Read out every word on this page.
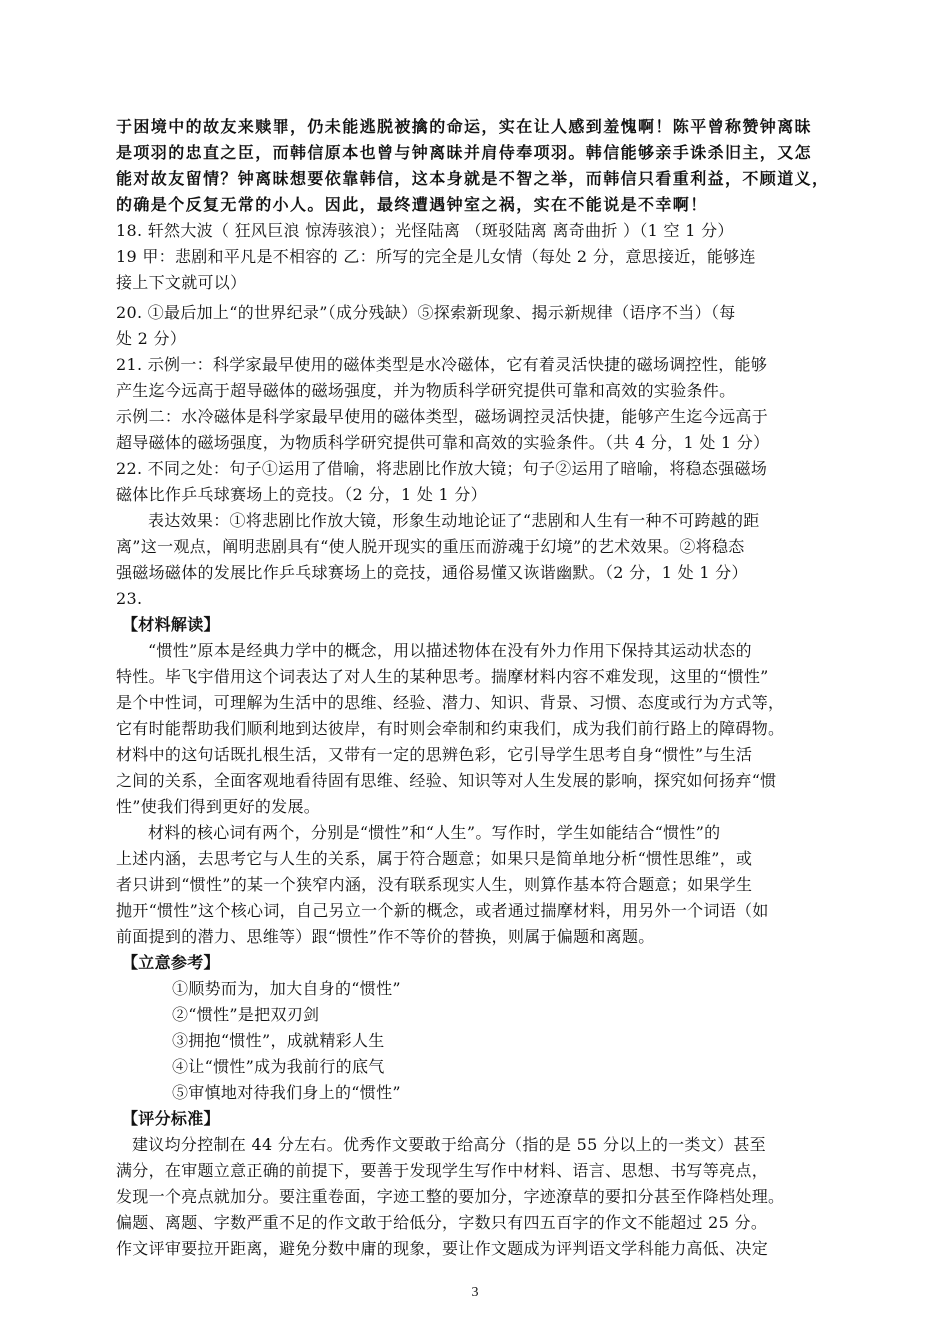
于困境中的故友来赎罪，仍未能逃脱被擒的命运，实在让人感到羞愧啊！陈平曾称赞钟离昧
是项羽的忠直之臣，而韩信原本也曾与钟离昧并肩侍奉项羽。韩信能够亲手诛杀旧主，又怎
能对故友留情？钟离昧想要依靠韩信，这本身就是不智之举，而韩信只看重利益，不顾道义，
的确是个反复无常的小人。因此，最终遭遇钟室之祸，实在不能说是不幸啊！
18. 轩然大波（ 狂风巨浪 惊涛骇浪）；光怪陆离 （斑驳陆离 离奇曲折 ）（1 空 1 分）
19 甲：悲剧和平凡是不相容的 乙：所写的完全是儿女情（每处 2 分，意思接近，能够连
接上下文就可以）
20. ①最后加上“的世界纪录”（成分残缺）⑤探索新现象、揭示新规律（语序不当）（每
处 2 分）
21. 示例一：科学家最早使用的磁体类型是水冷磁体，它有着灵活快捷的磁场调控性，能够
产生迄今远高于超导磁体的磁场强度，并为物质科学研究提供可靠和高效的实验条件。
示例二：水冷磁体是科学家最早使用的磁体类型，磁场调控灵活快捷，能够产生迄今远高于
超导磁体的磁场强度，为物质科学研究提供可靠和高效的实验条件。（共 4 分，1 处 1 分）
22. 不同之处：句子①运用了借喻，将悲剧比作放大镜；句子②运用了暗喻，将稳态强磁场
磁体比作乒乓球赛场上的竞技。（2 分，1 处 1 分）
表达效果：①将悲剧比作放大镜，形象生动地论证了“悲剧和人生有一种不可跨越的距
离”这一观点，阐明悲剧具有“使人脱开现实的重压而游魂于幻境”的艺术效果。②将稳态
强磁场磁体的发展比作乒乓球赛场上的竞技，通俗易懂又诙谐幽默。（2 分，1 处 1 分）
23.
【材料解读】
“惯性”原本是经典力学中的概念，用以描述物体在没有外力作用下保持其运动状态的
特性。毕飞宇借用这个词表达了对人生的某种思考。揣摩材料内容不难发现，这里的“惯性”
是个中性词，可理解为生活中的思维、经验、潜力、知识、背景、习惯、态度或行为方式等，
它有时能帮助我们顺利地到达彼岸，有时则会牵制和约束我们，成为我们前行路上的障碍物。
材料中的这句话既扎根生活，又带有一定的思辨色彩，它引导学生思考自身“惯性”与生活
之间的关系，全面客观地看待固有思维、经验、知识等对人生发展的影响，探究如何扬弃“惯
性”使我们得到更好的发展。
材料的核心词有两个，分别是“惯性”和“人生”。写作时，学生如能结合“惯性”的
上述内涵，去思考它与人生的关系，属于符合题意；如果只是简单地分析“惯性思维”，或
者只讲到“惯性”的某一个狭窄内涵，没有联系现实人生，则算作基本符合题意；如果学生
抛开“惯性”这个核心词，自己另立一个新的概念，或者通过揣摩材料，用另外一个词语（如
前面提到的潜力、思维等）跟“惯性”作不等价的替换，则属于偏题和离题。
【立意参考】
①顺势而为，加大自身的“惯性”
②“惯性”是把双刃剑
③拥抱“惯性”，成就精彩人生
④让“惯性”成为我前行的底气
⑤审慎地对待我们身上的“惯性”
【评分标准】
建议均分控制在 44 分左右。优秀作文要敢于给高分（指的是 55 分以上的一类文）甚至
满分，在审题立意正确的前提下，要善于发现学生写作中材料、语言、思想、书写等亮点，
发现一个亮点就加分。要注重卷面，字迹工整的要加分，字迹潦草的要扣分甚至作降档处理。
偏题、离题、字数严重不足的作文敢于给低分，字数只有四五百字的作文不能超过 25 分。
作文评审要拉开距离，避免分数中庸的现象，要让作文题成为评判语文学科能力高低、决定
3
